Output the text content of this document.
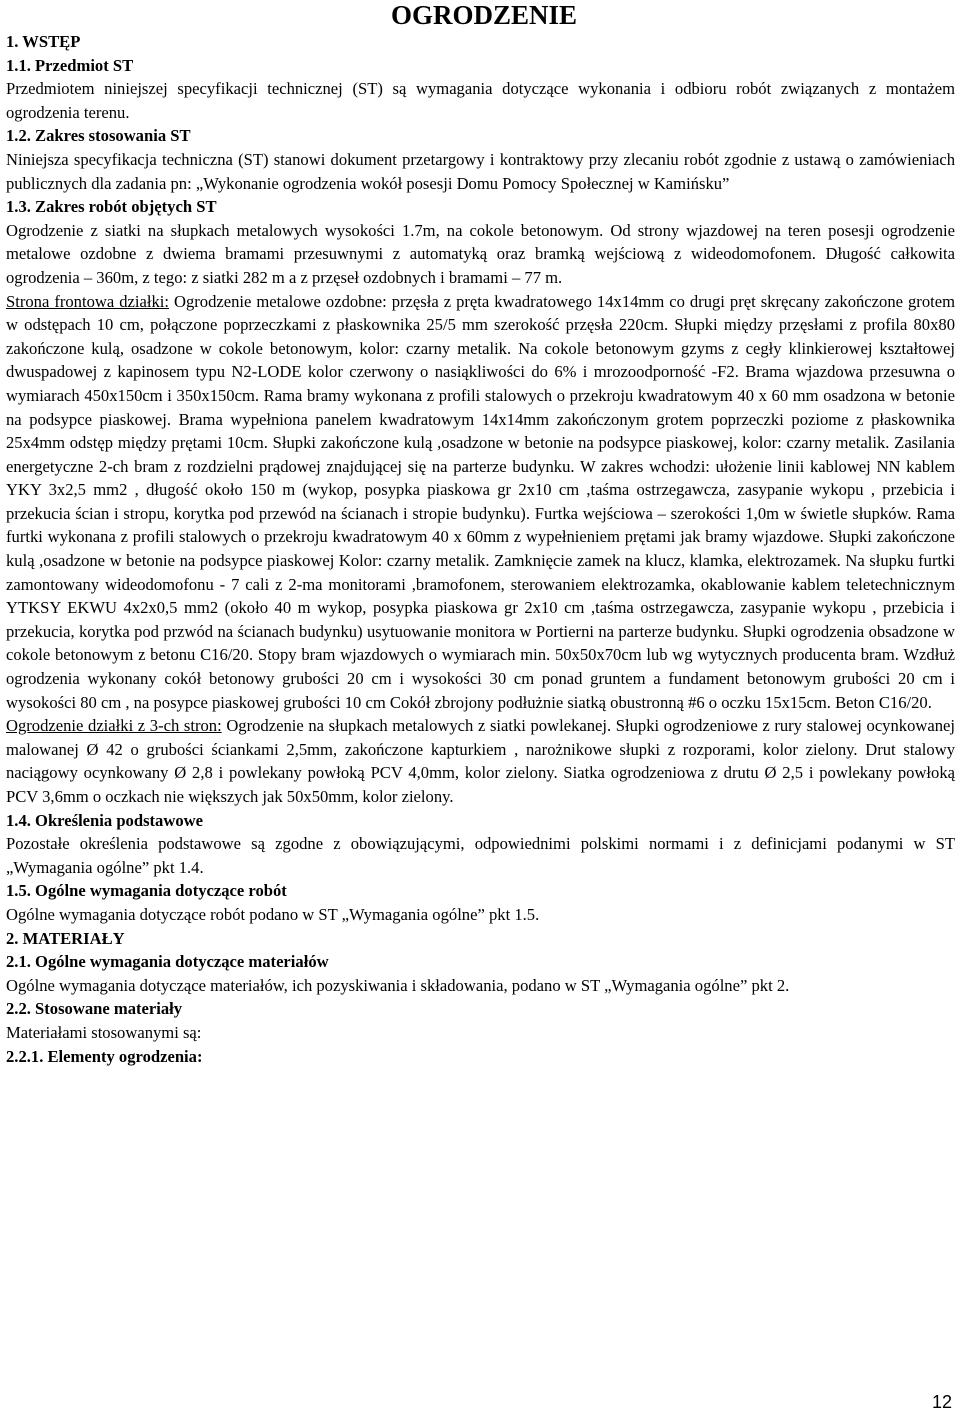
OGRODZENIE
1. WSTĘP
1.1. Przedmiot ST

Przedmiotem niniejszej specyfikacji technicznej (ST) są wymagania dotyczące wykonania i odbioru robót związanych z montażem ogrodzenia terenu.

1.2. Zakres stosowania ST

Niniejsza specyfikacja techniczna (ST) stanowi dokument przetargowy i kontraktowy przy zlecaniu robót zgodnie z ustawą o zamówieniach publicznych dla zadania pn: „Wykonanie ogrodzenia wokół posesji Domu Pomocy Społecznej w Kamińsku”

1.3. Zakres robót objętych ST

Ogrodzenie z siatki na słupkach metalowych wysokości 1.7m, na cokole betonowym. Od strony wjazdowej na teren posesji ogrodzenie metalowe ozdobne z dwiema bramami przesuwnymi z automatyką oraz bramką wejściową z wideodomofonem. Długość całkowita ogrodzenia – 360m, z tego: z siatki 282 m a z przęseł ozdobnych i bramami – 77 m.

Strona frontowa działki: Ogrodzenie metalowe ozdobne: przęsła z pręta kwadratowego 14x14mm co drugi pręt skręcany zakończone grotem w odstępach 10 cm, połączone poprzeczkami z płaskownika 25/5 mm szerokość przęsła 220cm. Słupki między przęsłami z profila 80x80 zakończone kulą, osadzone w cokole betonowym, kolor: czarny metalik. Na cokole betonowym gzyms z cegły klinkierowej kształtowej dwuspadowej z kapinosem typu N2-LODE kolor czerwony o nasiąkliwości do 6% i mrozoodporność -F2. Brama wjazdowa przesuwna o wymiarach 450x150cm i 350x150cm. Rama bramy wykonana z profili stalowych o przekroju kwadratowym 40 x 60 mm osadzona w betonie na podsypce piaskowej. Brama wypełniona panelem kwadratowym 14x14mm zakończonym grotem poprzeczki poziome z płaskownika 25x4mm odstęp między prętami 10cm. Słupki zakończone kulą ,osadzone w betonie na podsypce piaskowej, kolor: czarny metalik. Zasilania energetyczne 2-ch bram z rozdzielni prądowej znajdującej się na parterze budynku. W zakres wchodzi: ułożenie linii kablowej NN kablem YKY 3x2,5 mm2 , długość około 150 m (wykop, posypka piaskowa gr 2x10 cm ,taśma ostrzegawcza, zasypanie wykopu , przebicia i przekucia ścian i stropu, korytka pod przewód na ścianach i stropie budynku). Furtka wejściowa – szerokości 1,0m w świetle słupków. Rama furtki wykonana z profili stalowych o przekroju kwadratowym 40 x 60mm z wypełnieniem prętami jak bramy wjazdowe. Słupki zakończone kulą ,osadzone w betonie na podsypce piaskowej Kolor: czarny metalik. Zamknięcie zamek na klucz, klamka, elektrozamek. Na słupku furtki zamontowany wideodomofonu - 7 cali z 2-ma monitorami ,bramofonem, sterowaniem elektrozamka, okablowanie kablem teletechnicznym YTKSY EKWU 4x2x0,5 mm2 (około 40 m wykop, posypka piaskowa gr 2x10 cm ,taśma ostrzegawcza, zasypanie wykopu , przebicia i przekucia, korytka pod przwód na ścianach budynku) usytuowanie monitora w Portierni na parterze budynku. Słupki ogrodzenia obsadzone w cokole betonowym z betonu C16/20. Stopy bram wjazdowych o wymiarach min. 50x50x70cm lub wg wytycznych producenta bram. Wzdłuż ogrodzenia wykonany cokół betonowy grubości 20 cm i wysokości 30 cm ponad gruntem a fundament betonowym grubości 20 cm i wysokości 80 cm , na posypce piaskowej grubości 10 cm Cokół zbrojony podłużnie siatką obustronną #6 o oczku 15x15cm. Beton C16/20.

Ogrodzenie działki z 3-ch stron: Ogrodzenie na słupkach metalowych z siatki powlekanej. Słupki ogrodzeniowe z rury stalowej ocynkowanej malowanej Ø 42 o grubości ściankami 2,5mm, zakończone kapturkiem , narożnikowe słupki z rozporami, kolor zielony. Drut stalowy naciągowy ocynkowany Ø 2,8 i powlekany powłoką PCV 4,0mm, kolor zielony. Siatka ogrodzeniowa z drutu Ø 2,5 i powlekany powłoką PCV 3,6mm o oczkach nie większych jak 50x50mm, kolor zielony.

1.4. Określenia podstawowe

Pozostałe określenia podstawowe są zgodne z obowiązującymi, odpowiednimi polskimi normami i z definicjami podanymi w ST „Wymagania ogólne” pkt 1.4.

1.5. Ogólne wymagania dotyczące robót

Ogólne wymagania dotyczące robót podano w ST „Wymagania ogólne” pkt 1.5.

2. MATERIAŁY
2.1. Ogólne wymagania dotyczące materiałów

Ogólne wymagania dotyczące materiałów, ich pozyskiwania i składowania, podano w ST „Wymagania ogólne” pkt 2.

2.2. Stosowane materiały

Materiałami stosowanymi są:

2.2.1. Elementy ogrodzenia:
12
